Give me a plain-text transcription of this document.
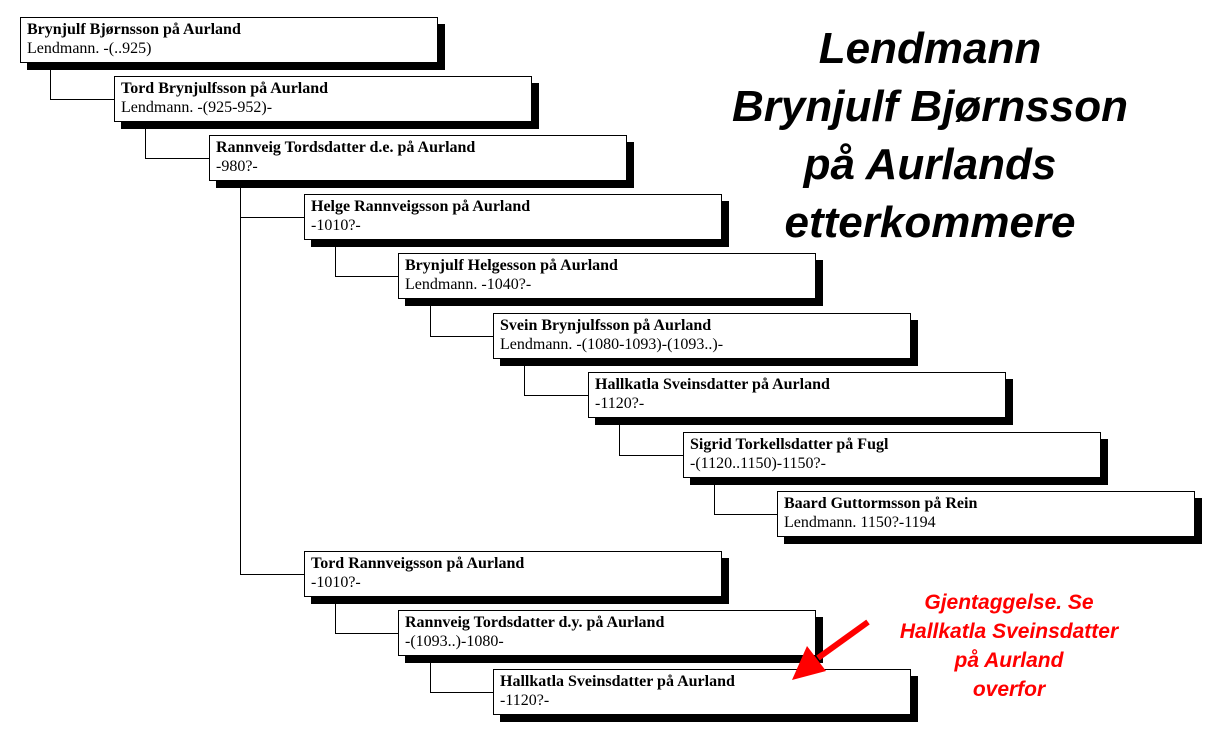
Brynjulf Bjørnsson på Aurland
Lendmann. -(..925)
Tord Brynjulfsson på Aurland
Lendmann. -(925-952)-
Rannveig Tordsdatter d.e. på Aurland
-980?-
Helge Rannveigsson på Aurland
-1010?-
Brynjulf Helgesson på Aurland
Lendmann. -1040?-
Svein Brynjulfsson på Aurland
Lendmann. -(1080-1093)-(1093..)-
Hallkatla Sveinsdatter på Aurland
-1120?-
Sigrid Torkellsdatter på Fugl
-(1120..1150)-1150?-
Baard Guttormsson på Rein
Lendmann. 1150?-1194
Tord Rannveigsson på Aurland
-1010?-
Rannveig Tordsdatter d.y. på Aurland
-(1093..)-1080-
Hallkatla Sveinsdatter på Aurland
-1120?-
Lendmann
Brynjulf Bjørnsson
på Aurlands
etterkommere
Gjentaggelse. Se
Hallkatla Sveinsdatter
på Aurland
overfor
